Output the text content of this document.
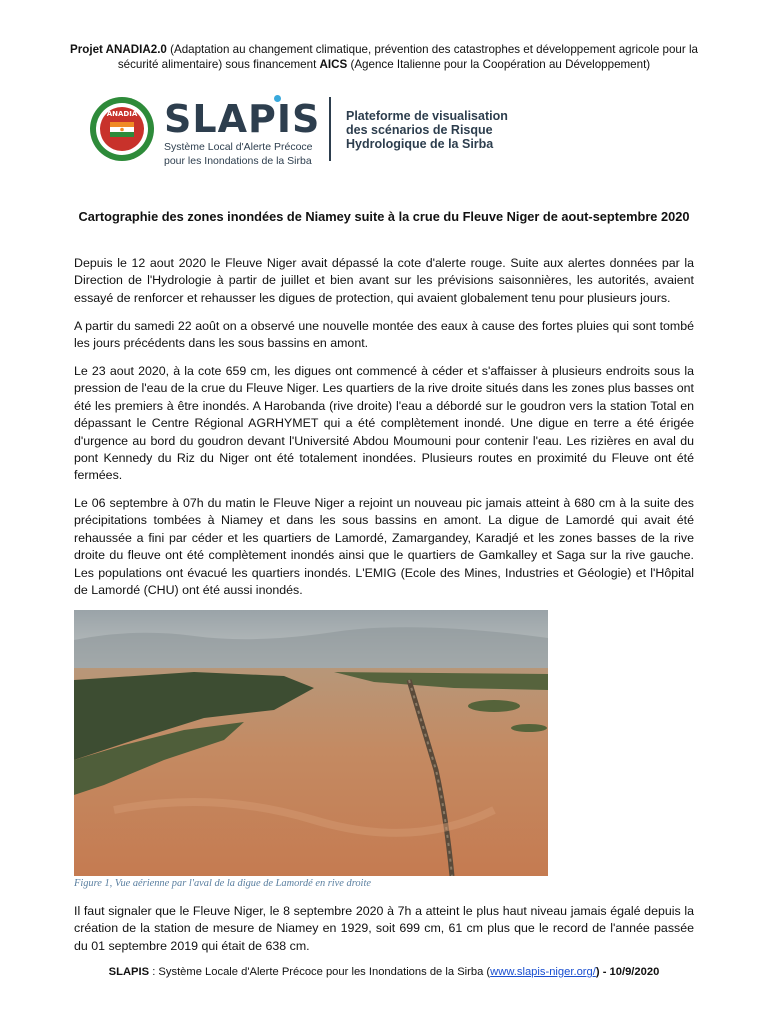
Projet ANADIA2.0 (Adaptation au changement climatique, prévention des catastrophes et développement agricole pour la sécurité alimentaire) sous financement AICS (Agence Italienne pour la Coopération au Développement)
ANADIA SLAPIS
Système Local d'Alerte Précoce
pour les Inondations de la Sirba
Plateforme de visualisation
des scénarios de Risque
Hydrologique de la Sirba
Cartographie des zones inondées de Niamey suite à la crue du Fleuve Niger de aout-septembre 2020
Depuis le 12 aout 2020 le Fleuve Niger avait dépassé la cote d'alerte rouge. Suite aux alertes données par la Direction de l'Hydrologie à partir de juillet et bien avant sur les prévisions saisonnières, les autorités, avaient essayé de renforcer et rehausser les digues de protection, qui avaient globalement tenu pour plusieurs jours.
A partir du samedi 22 août on a observé une nouvelle montée des eaux à cause des fortes pluies qui sont tombé les jours précédents dans les sous bassins en amont.
Le 23 aout 2020, à la cote 659 cm, les digues ont commencé à céder et s'affaisser à plusieurs endroits sous la pression de l'eau de la crue du Fleuve Niger. Les quartiers de la rive droite situés dans les zones plus basses ont été les premiers à être inondés. A Harobanda (rive droite) l'eau a débordé sur le goudron vers la station Total en dépassant le Centre Régional AGRHYMET qui a été complètement inondé. Une digue en terre a été érigée d'urgence au bord du goudron devant l'Université Abdou Moumouni pour contenir l'eau. Les rizières en aval du pont Kennedy du Riz du Niger ont été totalement inondées. Plusieurs routes en proximité du Fleuve ont été fermées.
Le 06 septembre à 07h du matin le Fleuve Niger a rejoint un nouveau pic jamais atteint à 680 cm à la suite des précipitations tombées à Niamey et dans les sous bassins en amont. La digue de Lamordé qui avait été rehaussée a fini par céder et les quartiers de Lamordé, Zamargandey, Karadjé et les zones basses de la rive droite du fleuve ont été complètement inondés ainsi que le quartiers de Gamkalley et Saga sur la rive gauche. Les populations ont évacué les quartiers inondés. L'EMIG (Ecole des Mines, Industries et Géologie) et l'Hôpital de Lamordé (CHU) ont été aussi inondés.
Figure 1, Vue aérienne par l'aval de la digue de Lamordé en rive droite
Il faut signaler que le Fleuve Niger, le 8 septembre 2020 à 7h a atteint le plus haut niveau jamais égalé depuis la création de la station de mesure de Niamey en 1929, soit 699 cm, 61 cm plus que le record de l'année passée du 01 septembre 2019 qui était de 638 cm.
SLAPIS : Système Locale d'Alerte Précoce pour les Inondations de la Sirba (www.slapis-niger.org/) - 10/9/2020
